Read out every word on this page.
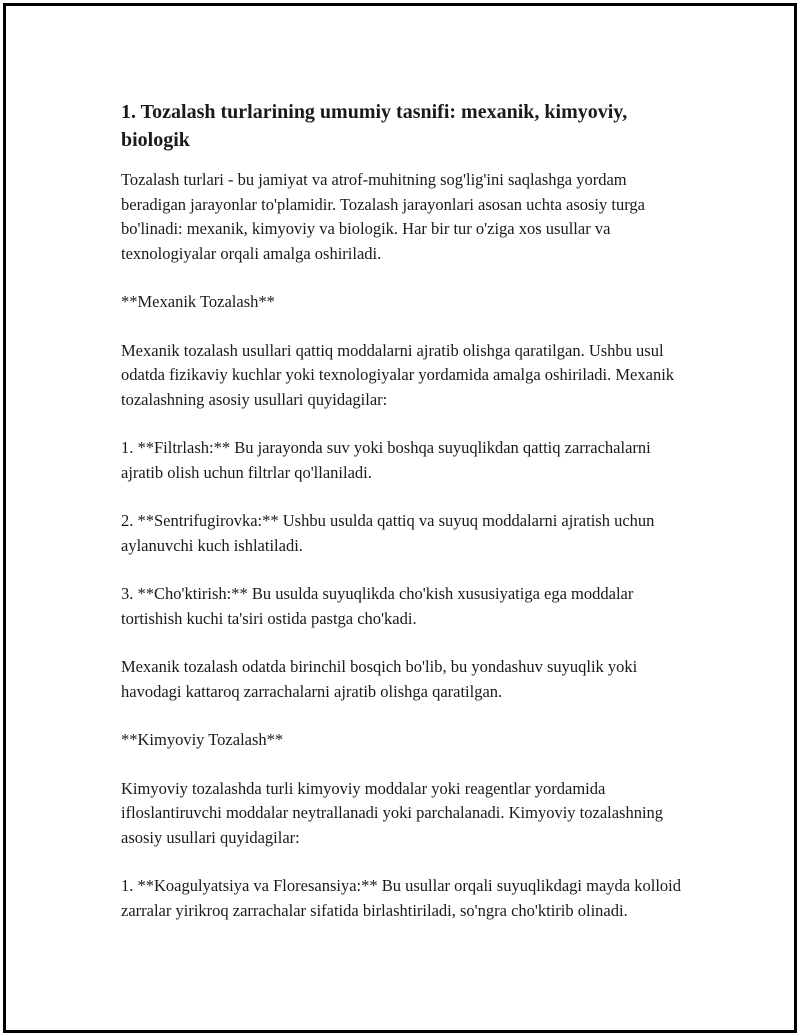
1. Tozalash turlarining umumiy tasnifi: mexanik, kimyoviy, biologik

Tozalash turlari - bu jamiyat va atrof-muhitning sog'lig'ini saqlashga yordam beradigan jarayonlar to'plamidir. Tozalash jarayonlari asosan uchta asosiy turga bo'linadi: mexanik, kimyoviy va biologik. Har bir tur o'ziga xos usullar va texnologiyalar orqali amalga oshiriladi.

**Mexanik Tozalash**

Mexanik tozalash usullari qattiq moddalarni ajratib olishga qaratilgan. Ushbu usul odatda fizikaviy kuchlar yoki texnologiyalar yordamida amalga oshiriladi. Mexanik tozalashning asosiy usullari quyidagilar:

1. **Filtrlash:** Bu jarayonda suv yoki boshqa suyuqlikdan qattiq zarrachalarni ajratib olish uchun filtrlar qo'llaniladi.

2. **Sentrifugirovka:** Ushbu usulda qattiq va suyuq moddalarni ajratish uchun aylanuvchi kuch ishlatiladi.

3. **Cho'ktirish:** Bu usulda suyuqlikda cho'kish xususiyatiga ega moddalar tortishish kuchi ta'siri ostida pastga cho'kadi.

Mexanik tozalash odatda birinchil bosqich bo'lib, bu yondashuv suyuqlik yoki havodagi kattaroq zarrachalarni ajratib olishga qaratilgan.

**Kimyoviy Tozalash**

Kimyoviy tozalashda turli kimyoviy moddalar yoki reagentlar yordamida ifloslantiruvchi moddalar neytrallanadi yoki parchalanadi. Kimyoviy tozalashning asosiy usullari quyidagilar:

1. **Koagulyatsiya va Floresansiya:** Bu usullar orqali suyuqlikdagi mayda kolloid zarralar yirikroq zarrachalar sifatida birlashtiriladi, so'ngra cho'ktirib olinadi.
